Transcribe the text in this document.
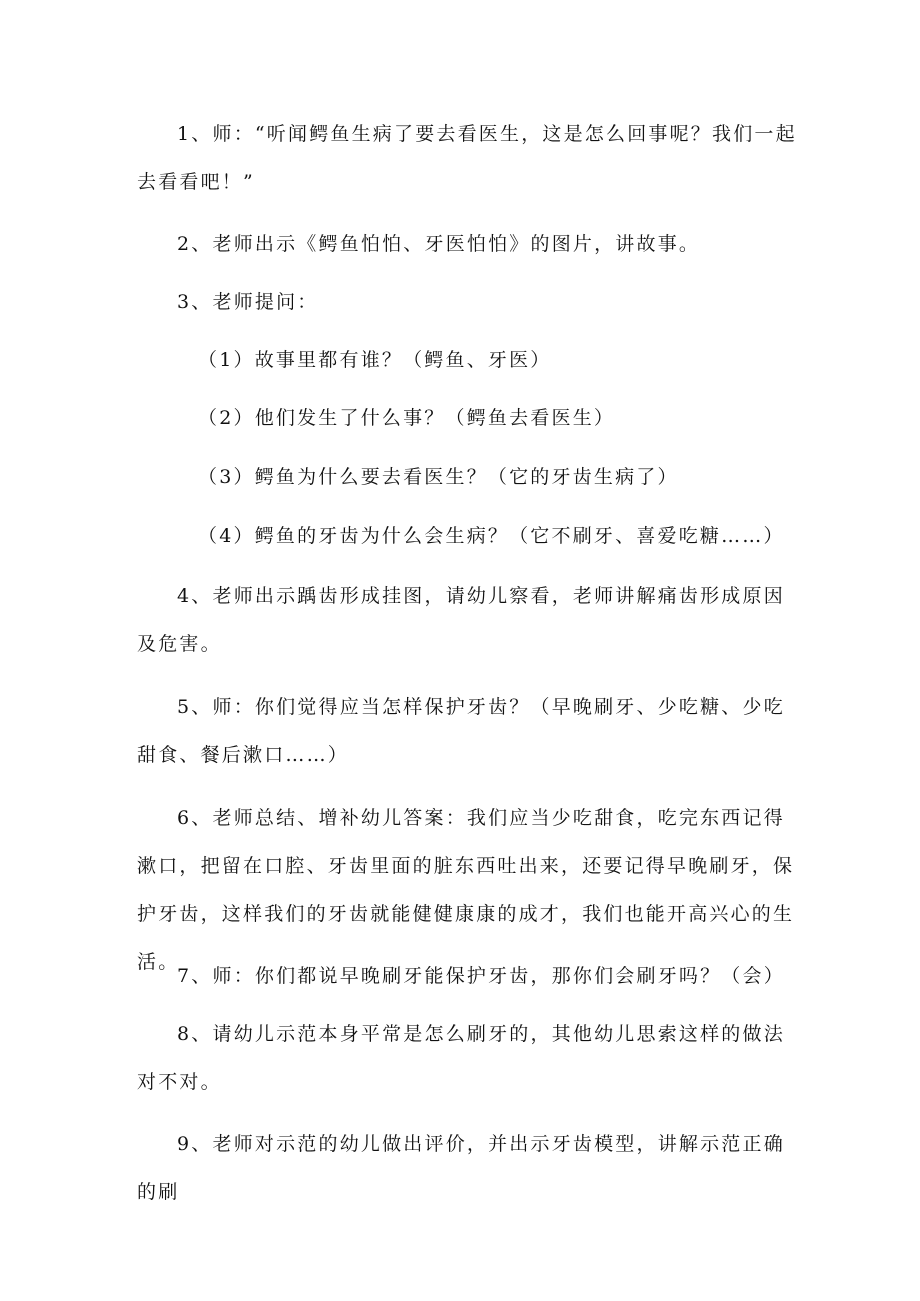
1、师：“听闻鳄鱼生病了要去看医生，这是怎么回事呢？我们一起去看看吧！”

2、老师出示《鳄鱼怕怕、牙医怕怕》的图片，讲故事。

3、老师提问：

（1）故事里都有谁？（鳄鱼、牙医）

（2）他们发生了什么事？（鳄鱼去看医生）

（3）鳄鱼为什么要去看医生？（它的牙齿生病了）

（4）鳄鱼的牙齿为什么会生病？（它不刷牙、喜爱吃糖……）

4、老师出示踽齿形成挂图，请幼儿察看，老师讲解痛齿形成原因及危害。

5、师：你们觉得应当怎样保护牙齿？（早晚刷牙、少吃糖、少吃甜食、餐后漱口……）

6、老师总结、增补幼儿答案：我们应当少吃甜食，吃完东西记得漱口，把留在口腔、牙齿里面的脏东西吐出来，还要记得早晚刷牙，保护牙齿，这样我们的牙齿就能健健康康的成才，我们也能开高兴心的生活。

7、师：你们都说早晚刷牙能保护牙齿，那你们会刷牙吗？（会）

8、请幼儿示范本身平常是怎么刷牙的，其他幼儿思索这样的做法对不对。

9、老师对示范的幼儿做出评价，并出示牙齿模型，讲解示范正确的刷
